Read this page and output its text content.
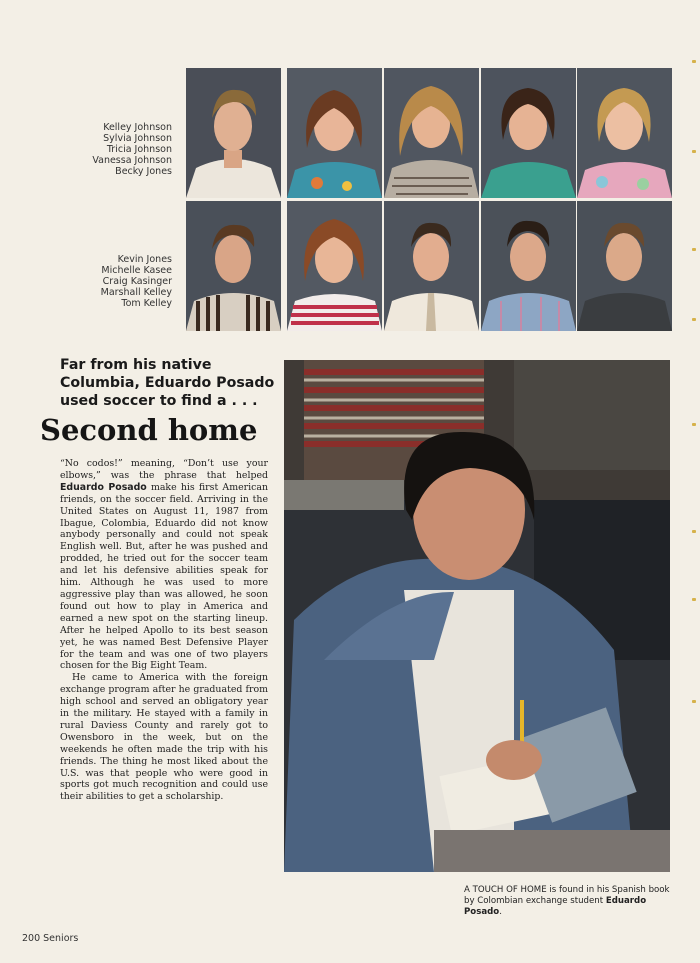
Kelley Johnson
Sylvia Johnson
Tricia Johnson
Vanessa Johnson
Becky Jones
Kevin Jones
Michelle Kasee
Craig Kasinger
Marshall Kelley
Tom Kelley
Far from his native Columbia, Eduardo Posado used soccer to find a . . .
Second home

“No codos!” meaning, “Don’t use your elbows,” was the phrase that helped Eduardo Posado make his first American friends, on the soccer field. Arriving in the United States on August 11, 1987 from Ibague, Colombia, Eduardo did not know anybody personally and could not speak English well. But, after he was pushed and prodded, he tried out for the soccer team and let his defensive abilities speak for him. Although he was used to more aggressive play than was allowed, he soon found out how to play in America and earned a new spot on the starting lineup. After he helped Apollo to its best season yet, he was named Best Defensive Player for the team and was one of two players chosen for the Big Eight Team.

He came to America with the foreign exchange program after he graduated from high school and served an obligatory year in the military. He stayed with a family in rural Daviess County and rarely got to Owensboro in the week, but on the weekends he often made the trip with his friends. The thing he most liked about the U.S. was that people who were good in sports got much recognition and could use their abilities to get a scholarship.

A TOUCH OF HOME is found in his Spanish book by Colombian exchange student Eduardo Posado.
200 Seniors
